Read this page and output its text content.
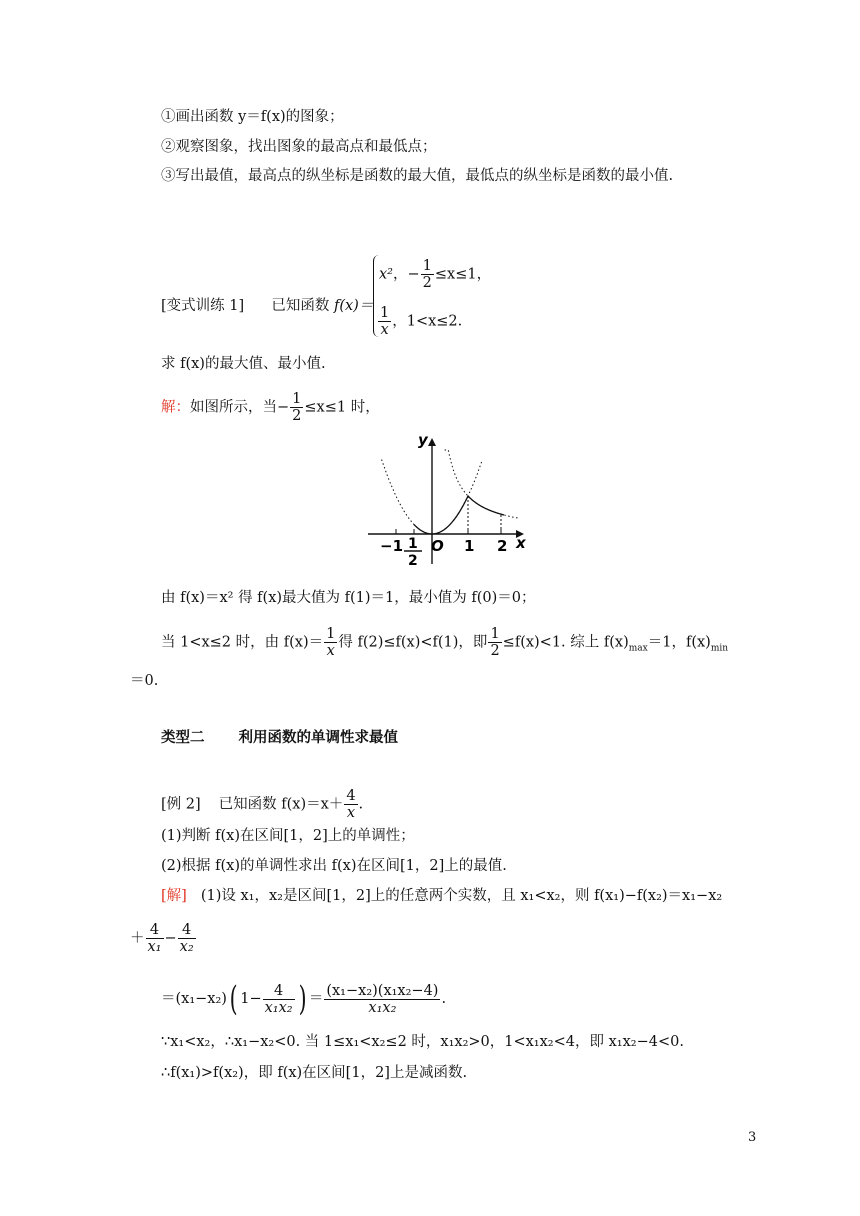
①画出函数 y＝f(x)的图象；
②观察图象，找出图象的最高点和最低点；
③写出最值，最高点的纵坐标是函数的最大值，最低点的纵坐标是函数的最小值.
[变式训练 1] 已知函数 f(x)＝
x²，− $\frac{1}{2} \le x\le 1$，
$\frac{1}{x}$ ，1<x≤2.
求 f(x)的最大值、最小值.
解：如图所示，当− $\frac{1}{2} \le x\le 1$ 时，
y
x
O
−1 1
2
1 2
由 f(x)＝x² 得 f(x)最大值为 f(1)＝1，最小值为 f(0)＝0；
当 1<x≤2 时，由 $f(x)= \frac{1}{x}$ 得 f(2)≤f(x)<f(1)，即 $\frac{1}{2} \le f(x)<1$. 综上 $f(x)_{max}=1$，$f(x)_{min}$
＝0.
类型二 利用函数的单调性求最值
[例 2] 已知函数 $f(x)=x+ \frac{4}{x}$ .
(1)判断 f(x)在区间[1，2]上的单调性；
(2)根据 f(x)的单调性求出 f(x)在区间[1，2]上的最值.
[解] (1)设 x₁，x₂是区间[1，2]上的任意两个实数，且 x₁<x₂，则 f(x₁)−f(x₂)＝x₁−x₂
＋ $\frac{4}{\text{x₁}} - \frac{4}{\text{x₂}}$
＝(x₁−x₂)( $1- \frac{4}{\text{x₁x₂}}$ ) ＝ $\frac{\text{(x₁−x₂)(x₁x₂−4)}}{\text{x₁x₂}}$ .
∵x₁<x₂，∴x₁−x₂<0. 当 1≤x₁<x₂≤2 时，x₁x₂>0，1<x₁x₂<4，即 x₁x₂−4<0.
∴f(x₁)>f(x₂)，即 f(x)在区间[1，2]上是减函数.
3
